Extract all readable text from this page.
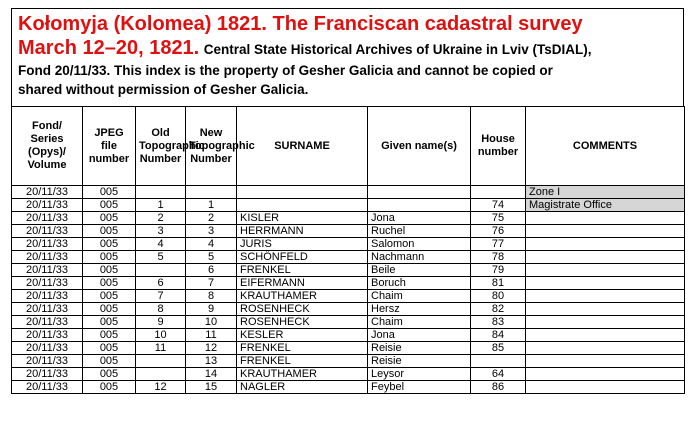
Kołomyja (Kolomea) 1821. The Franciscan cadastral survey
March 12–20, 1821. Central State Historical Archives of Ukraine in Lviv (TsDIAL),
Fond 20/11/33. This index is the property of Gesher Galicia and cannot be copied or
shared without permission of Gesher Galicia.
Fond/ Series (Opys)/ Volume	JPEG file number	Old Topographic Number	New Topographic Number	SURNAME	Given name(s)	House number	COMMENTS
20/11/33	005						Zone I
20/11/33	005	1	1			74	Magistrate Office
20/11/33	005	2	2	KISLER	Jona	75	
20/11/33	005	3	3	HERRMANN	Ruchel	76	
20/11/33	005	4	4	JURIS	Salomon	77	
20/11/33	005	5	5	SCHÖNFELD	Nachmann	78	
20/11/33	005		6	FRENKEL	Beile	79	
20/11/33	005	6	7	EIFERMANN	Boruch	81	
20/11/33	005	7	8	KRAUTHAMER	Chaim	80	
20/11/33	005	8	9	ROSENHECK	Hersz	82	
20/11/33	005	9	10	ROSENHECK	Chaim	83	
20/11/33	005	10	11	KESLER	Jona	84	
20/11/33	005	11	12	FRENKEL	Reisie	85	
20/11/33	005		13	FRENKEL	Reisie		
20/11/33	005		14	KRAUTHAMER	Leysor	64	
20/11/33	005	12	15	NAGLER	Feybel	86	
